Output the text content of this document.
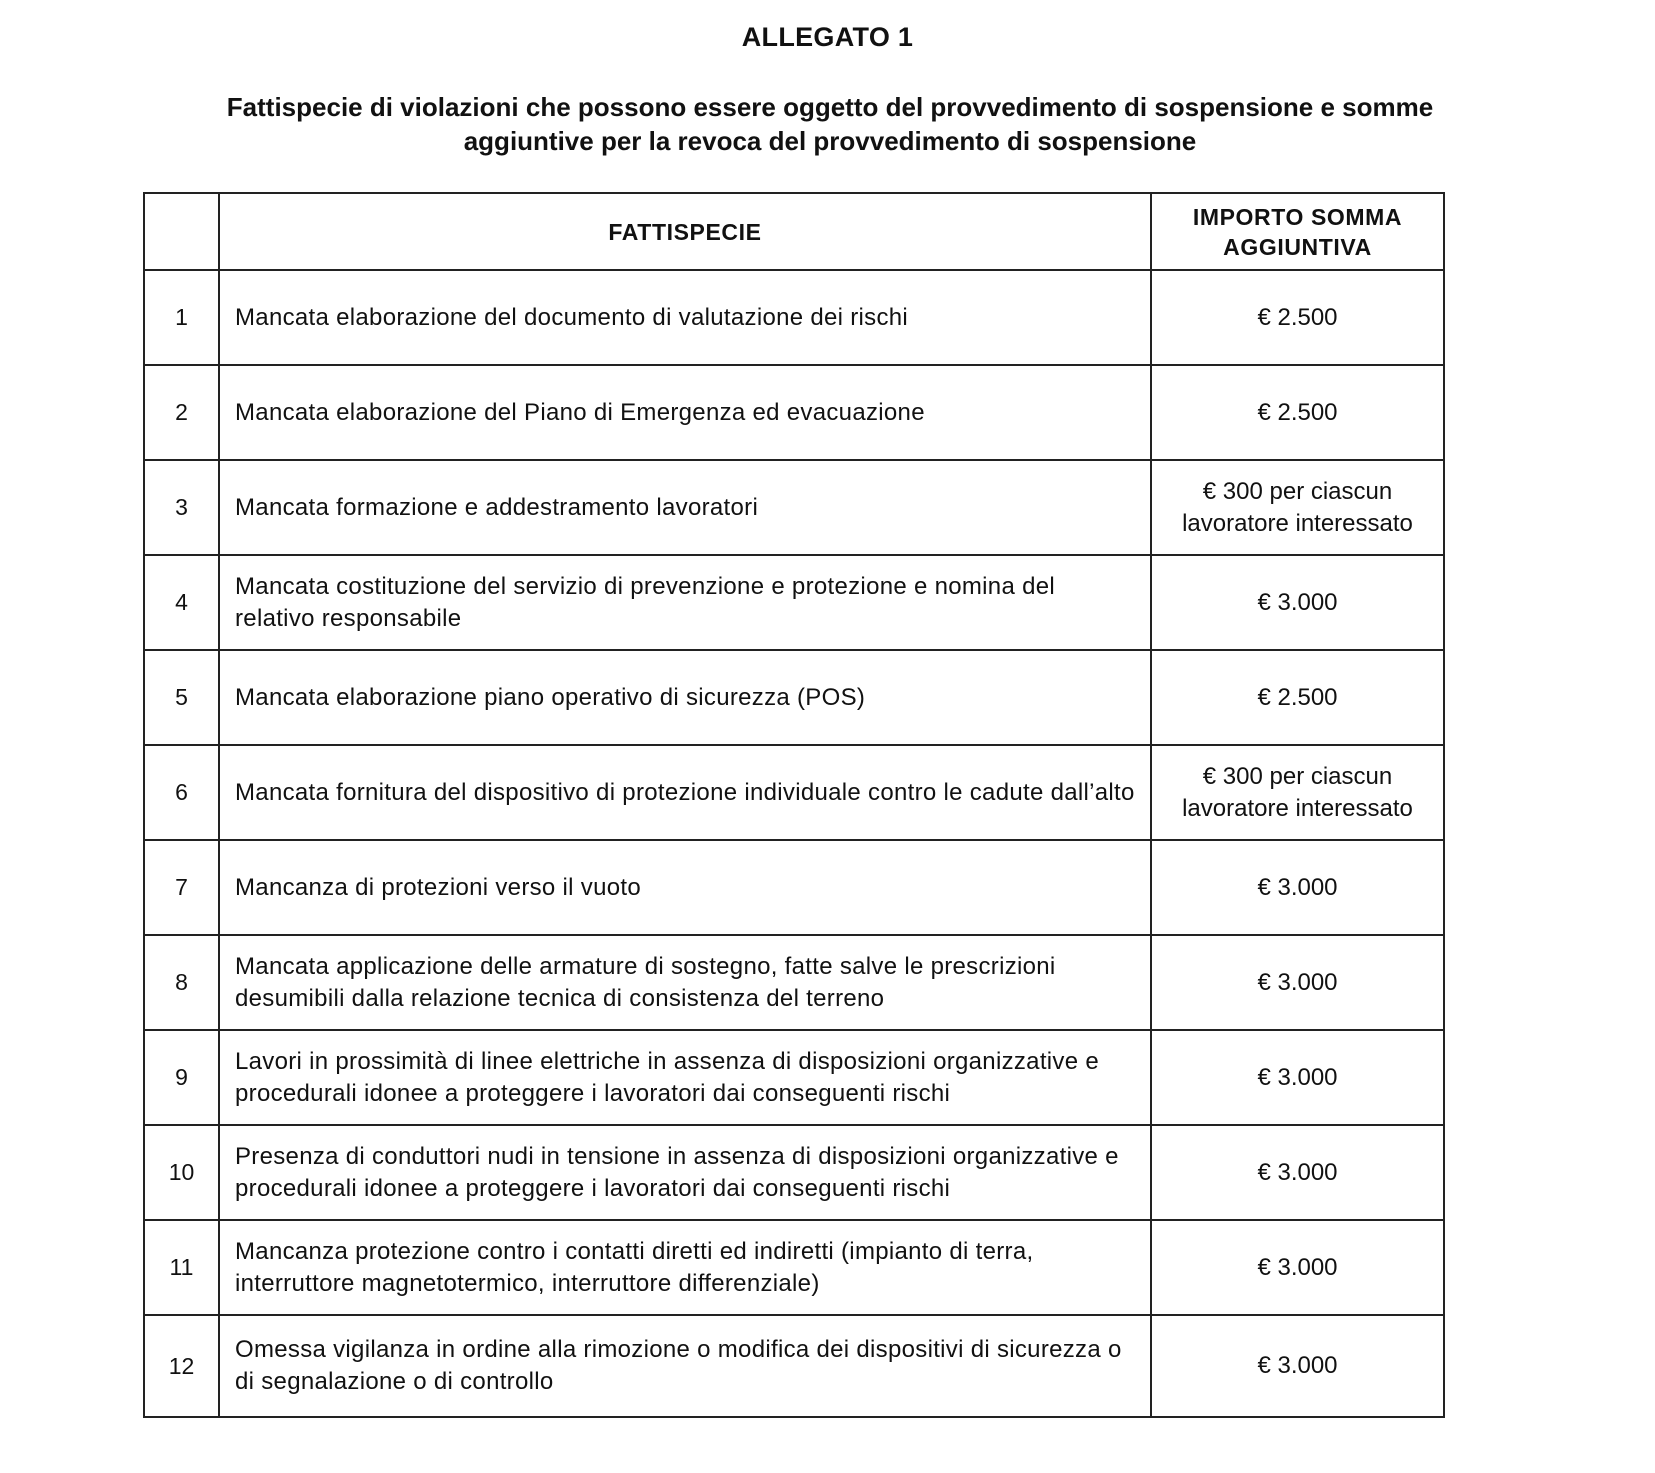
ALLEGATO 1
Fattispecie di violazioni che possono essere oggetto del provvedimento di sospensione e somme aggiuntive per la revoca del provvedimento di sospensione
	FATTISPECIE	IMPORTO SOMMA AGGIUNTIVA
1	Mancata elaborazione del documento di valutazione dei rischi	€ 2.500
2	Mancata elaborazione del Piano di Emergenza ed evacuazione	€ 2.500
3	Mancata formazione e addestramento lavoratori	€ 300 per ciascun lavoratore interessato
4	Mancata costituzione del servizio di prevenzione e protezione e nomina del relativo responsabile	€ 3.000
5	Mancata elaborazione piano operativo di sicurezza (POS)	€ 2.500
6	Mancata fornitura del dispositivo di protezione individuale contro le cadute dall’alto	€ 300 per ciascun lavoratore interessato
7	Mancanza di protezioni verso il vuoto	€ 3.000
8	Mancata applicazione delle armature di sostegno, fatte salve le prescrizioni desumibili dalla relazione tecnica di consistenza del terreno	€ 3.000
9	Lavori in prossimità di linee elettriche in assenza di disposizioni organizzative e procedurali idonee a proteggere i lavoratori dai conseguenti rischi	€ 3.000
10	Presenza di conduttori nudi in tensione in assenza di disposizioni organizzative e procedurali idonee a proteggere i lavoratori dai conseguenti rischi	€ 3.000
11	Mancanza protezione contro i contatti diretti ed indiretti (impianto di terra, interruttore magnetotermico, interruttore differenziale)	€ 3.000
12	Omessa vigilanza in ordine alla rimozione o modifica dei dispositivi di sicurezza o di segnalazione o di controllo	€ 3.000
